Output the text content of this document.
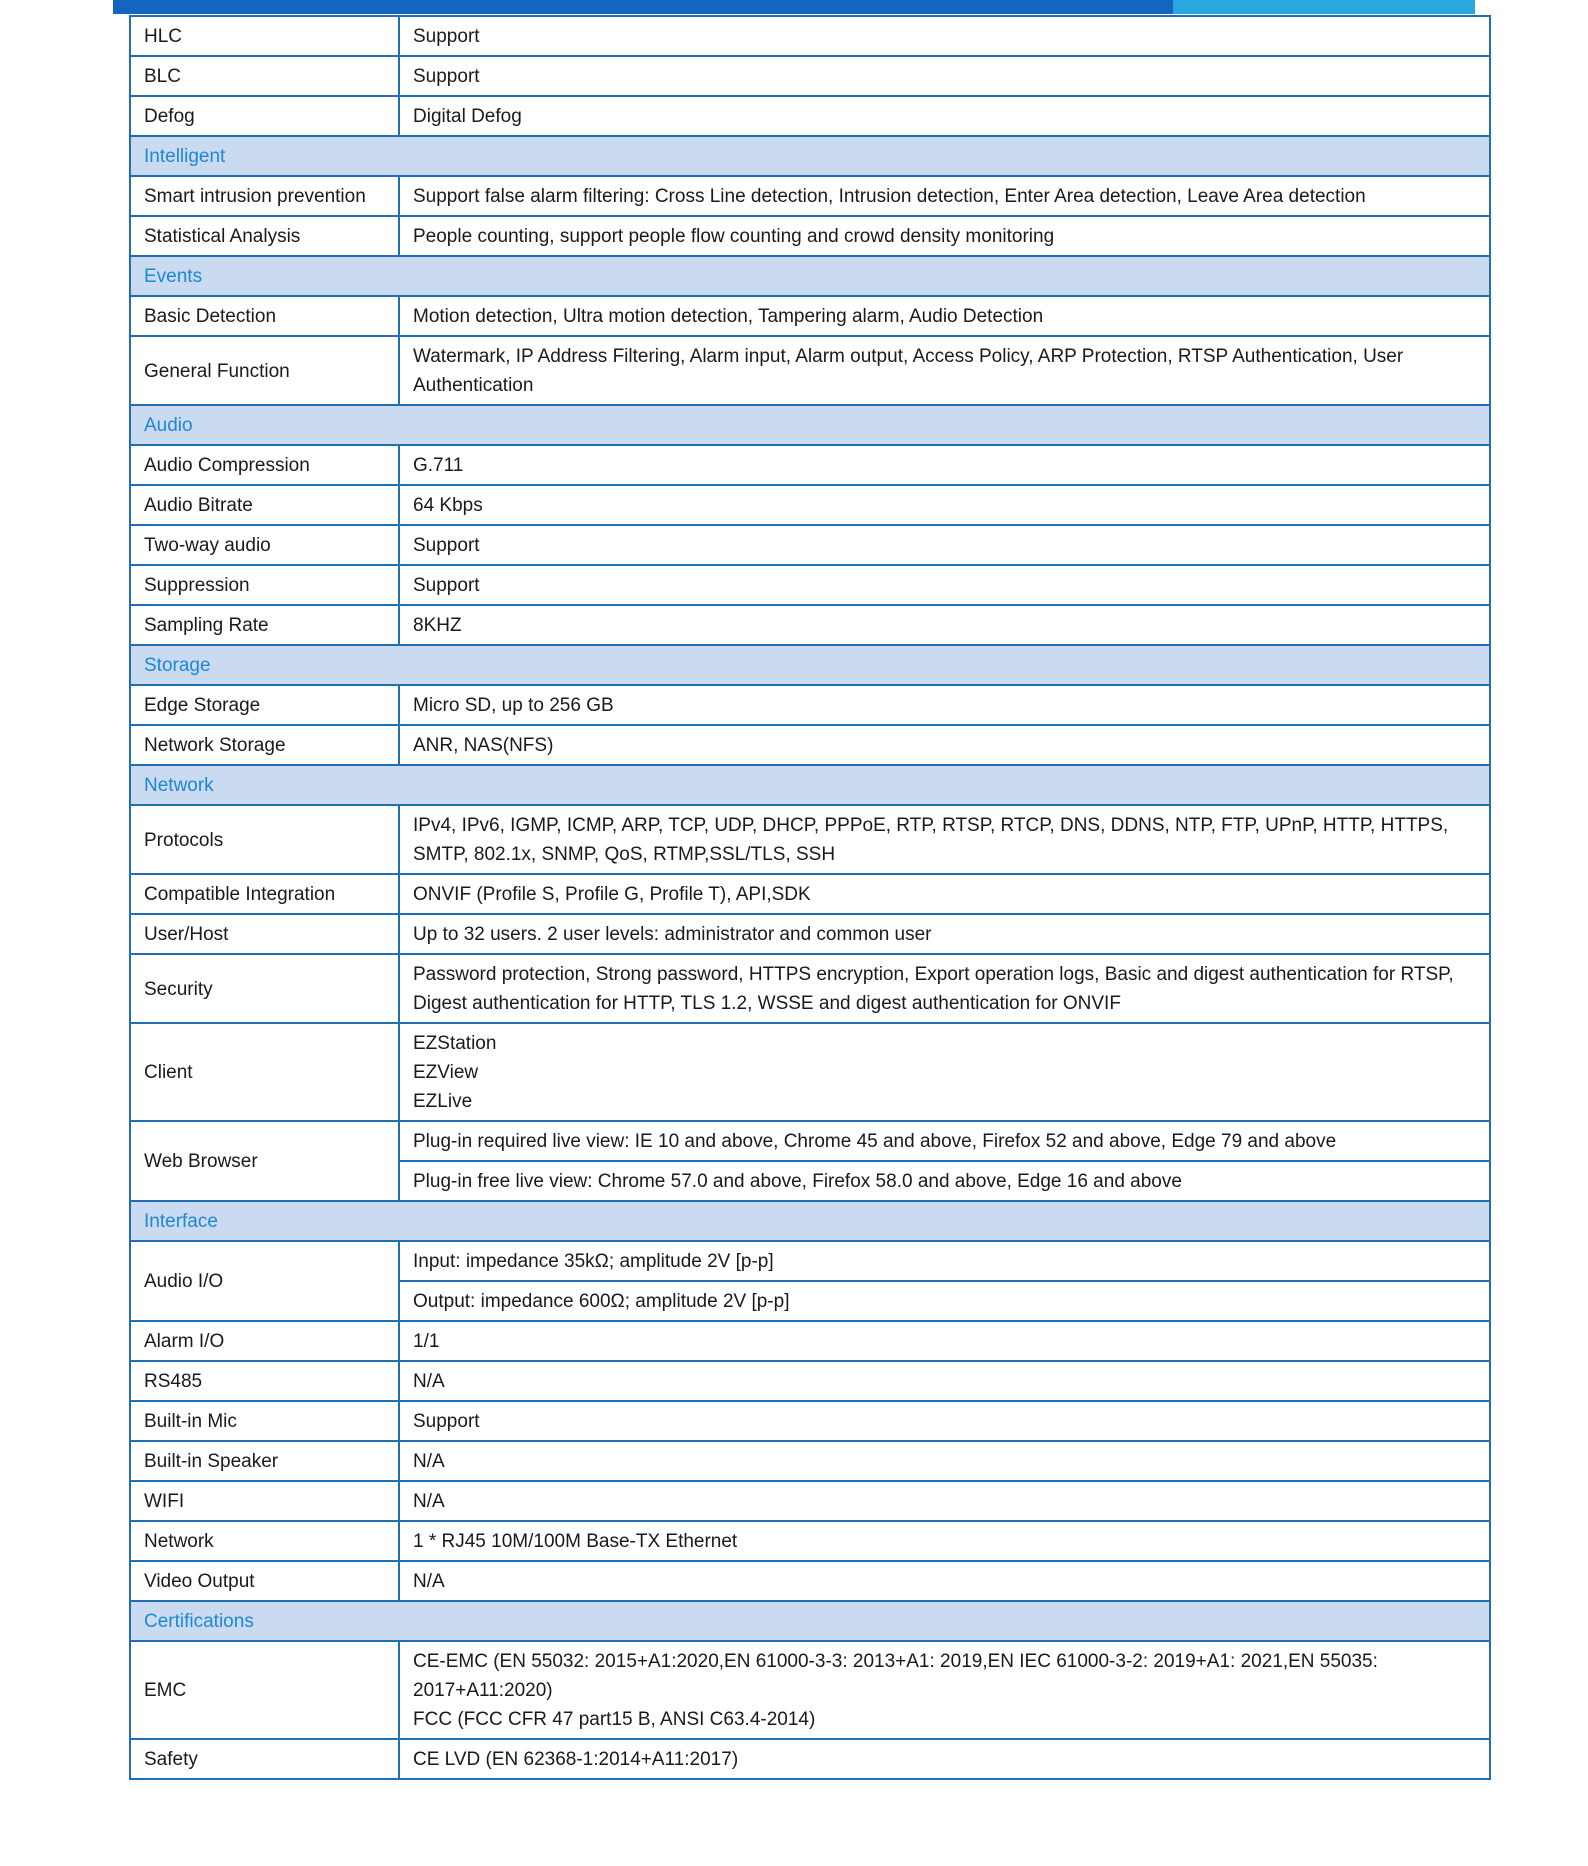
HLC	Support
BLC	Support
Defog	Digital Defog
Intelligent	
Smart intrusion prevention	Support false alarm filtering: Cross Line detection, Intrusion detection, Enter Area detection, Leave Area detection
Statistical Analysis	People counting, support people flow counting and crowd density monitoring
Events	
Basic Detection	Motion detection, Ultra motion detection, Tampering alarm, Audio Detection
General Function	Watermark, IP Address Filtering, Alarm input, Alarm output, Access Policy, ARP Protection, RTSP Authentication, User Authentication
Audio	
Audio Compression	G.711
Audio Bitrate	64 Kbps
Two-way audio	Support
Suppression	Support
Sampling Rate	8KHZ
Storage	
Edge Storage	Micro SD, up to 256 GB
Network Storage	ANR, NAS(NFS)
Network	
Protocols	IPv4, IPv6, IGMP, ICMP, ARP, TCP, UDP, DHCP, PPPoE, RTP, RTSP, RTCP, DNS, DDNS, NTP, FTP, UPnP, HTTP, HTTPS, SMTP, 802.1x, SNMP, QoS, RTMP,SSL/TLS, SSH
Compatible Integration	ONVIF (Profile S, Profile G, Profile T), API,SDK
User/Host	Up to 32 users. 2 user levels: administrator and common user
Security	Password protection, Strong password, HTTPS encryption, Export operation logs, Basic and digest authentication for RTSP, Digest authentication for HTTP, TLS 1.2, WSSE and digest authentication for ONVIF
Client	EZStation
EZView
EZLive

Web Browser	Plug-in required live view: IE 10 and above, Chrome 45 and above, Firefox 52 and above, Edge 79 and above
	Plug-in free live view: Chrome 57.0 and above, Firefox 58.0 and above, Edge 16 and above
Interface	
Audio I/O	Input: impedance 35kΩ; amplitude 2V [p-p]
	Output: impedance 600Ω; amplitude 2V [p-p]
Alarm I/O	1/1
RS485	N/A
Built-in Mic	Support
Built-in Speaker	N/A
WIFI	N/A
Network	1 * RJ45 10M/100M Base-TX Ethernet
Video Output	N/A
Certifications	
EMC	CE-EMC (EN 55032: 2015+A1:2020,EN 61000-3-3: 2013+A1: 2019,EN IEC 61000-3-2: 2019+A1: 2021,EN 55035: 2017+A11:2020)
FCC (FCC CFR 47 part15 B, ANSI C63.4-2014)

Safety	CE LVD (EN 62368-1:2014+A11:2017)
